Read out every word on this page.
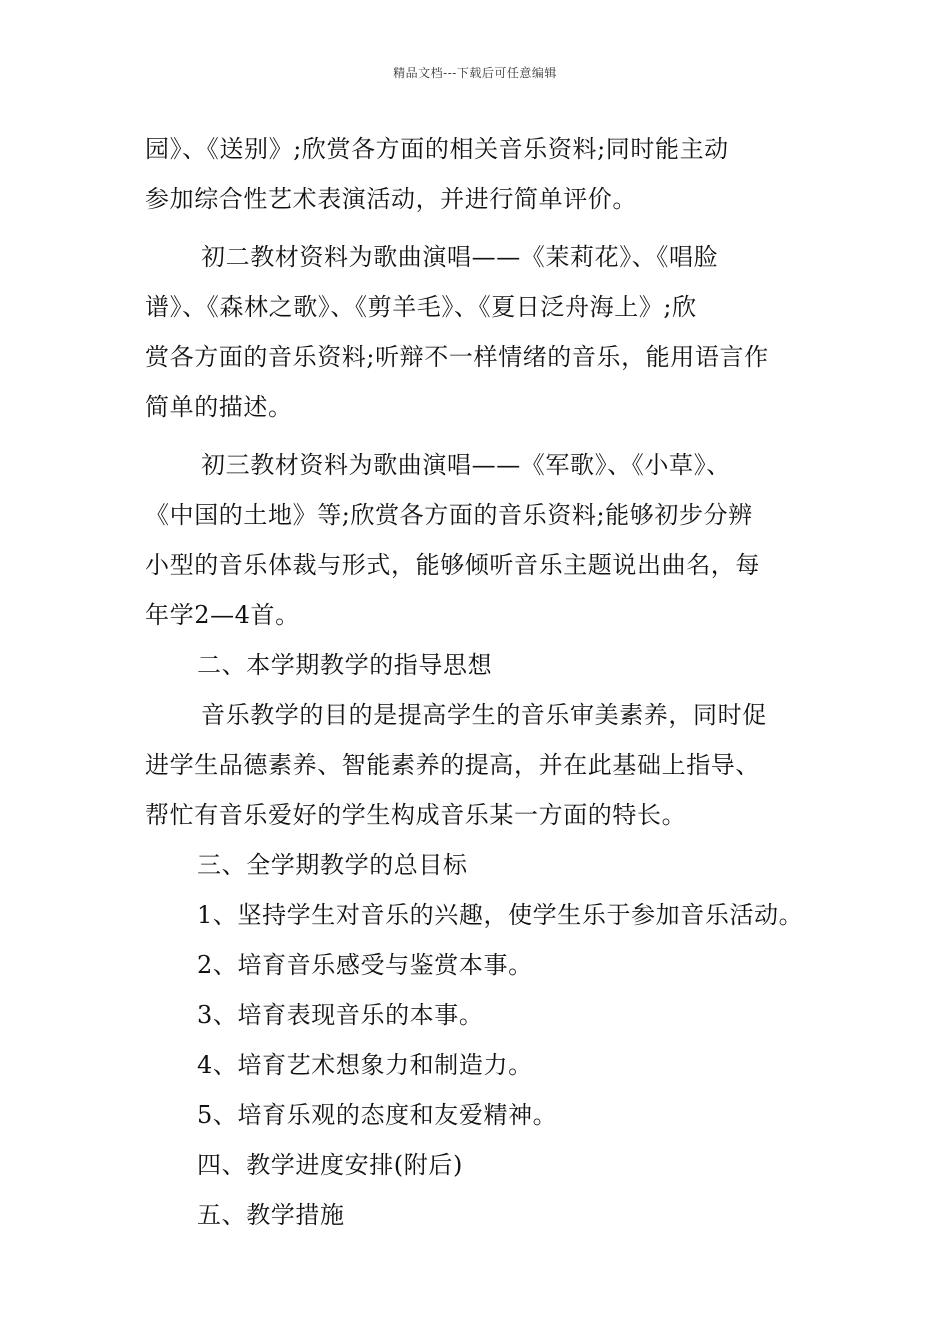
精品文档---下载后可任意编辑
园》、《送别》;欣赏各方面的相关音乐资料;同时能主动
参加综合性艺术表演活动，并进行简单评价。
初二教材资料为歌曲演唱——《茉莉花》、《唱脸
谱》、《森林之歌》、《剪羊毛》、《夏日泛舟海上》;欣
赏各方面的音乐资料;听辩不一样情绪的音乐，能用语言作
简单的描述。
初三教材资料为歌曲演唱——《军歌》、《小草》、
《中国的土地》等;欣赏各方面的音乐资料;能够初步分辨
小型的音乐体裁与形式，能够倾听音乐主题说出曲名，每
年学2—4首。
二、本学期教学的指导思想
音乐教学的目的是提高学生的音乐审美素养，同时促
进学生品德素养、智能素养的提高，并在此基础上指导、
帮忙有音乐爱好的学生构成音乐某一方面的特长。
三、全学期教学的总目标
1、坚持学生对音乐的兴趣，使学生乐于参加音乐活动。
2、培育音乐感受与鉴赏本事。
3、培育表现音乐的本事。
4、培育艺术想象力和制造力。
5、培育乐观的态度和友爱精神。
四、教学进度安排(附后)
五、教学措施
